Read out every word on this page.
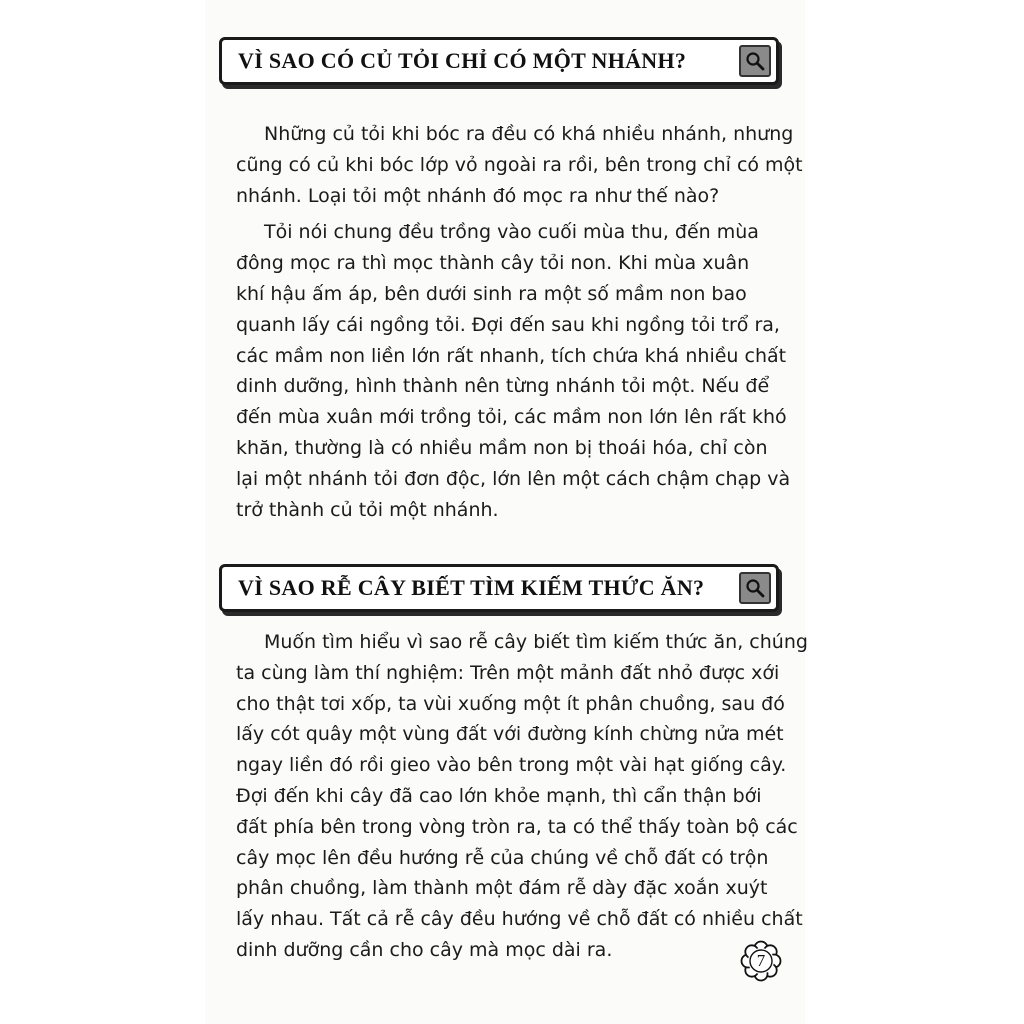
VÌ SAO CÓ CỦ TỎI CHỈ CÓ MỘT NHÁNH?
Những củ tỏi khi bóc ra đều có khá nhiều nhánh, nhưng
cũng có củ khi bóc lớp vỏ ngoài ra rồi, bên trong chỉ có một
nhánh. Loại tỏi một nhánh đó mọc ra như thế nào?
Tỏi nói chung đều trồng vào cuối mùa thu, đến mùa
đông mọc ra thì mọc thành cây tỏi non. Khi mùa xuân
khí hậu ấm áp, bên dưới sinh ra một số mầm non bao
quanh lấy cái ngồng tỏi. Đợi đến sau khi ngồng tỏi trổ ra,
các mầm non liền lớn rất nhanh, tích chứa khá nhiều chất
dinh dưỡng, hình thành nên từng nhánh tỏi một. Nếu để
đến mùa xuân mới trồng tỏi, các mầm non lớn lên rất khó
khăn, thường là có nhiều mầm non bị thoái hóa, chỉ còn
lại một nhánh tỏi đơn độc, lớn lên một cách chậm chạp và
trở thành củ tỏi một nhánh.
VÌ SAO RỄ CÂY BIẾT TÌM KIẾM THỨC ĂN?
Muốn tìm hiểu vì sao rễ cây biết tìm kiếm thức ăn, chúng
ta cùng làm thí nghiệm: Trên một mảnh đất nhỏ được xới
cho thật tơi xốp, ta vùi xuống một ít phân chuồng, sau đó
lấy cót quây một vùng đất với đường kính chừng nửa mét
ngay liền đó rồi gieo vào bên trong một vài hạt giống cây.
Đợi đến khi cây đã cao lớn khỏe mạnh, thì cẩn thận bới
đất phía bên trong vòng tròn ra, ta có thể thấy toàn bộ các
cây mọc lên đều hướng rễ của chúng về chỗ đất có trộn
phân chuồng, làm thành một đám rễ dày đặc xoắn xuýt
lấy nhau. Tất cả rễ cây đều hướng về chỗ đất có nhiều chất
dinh dưỡng cần cho cây mà mọc dài ra.	7
